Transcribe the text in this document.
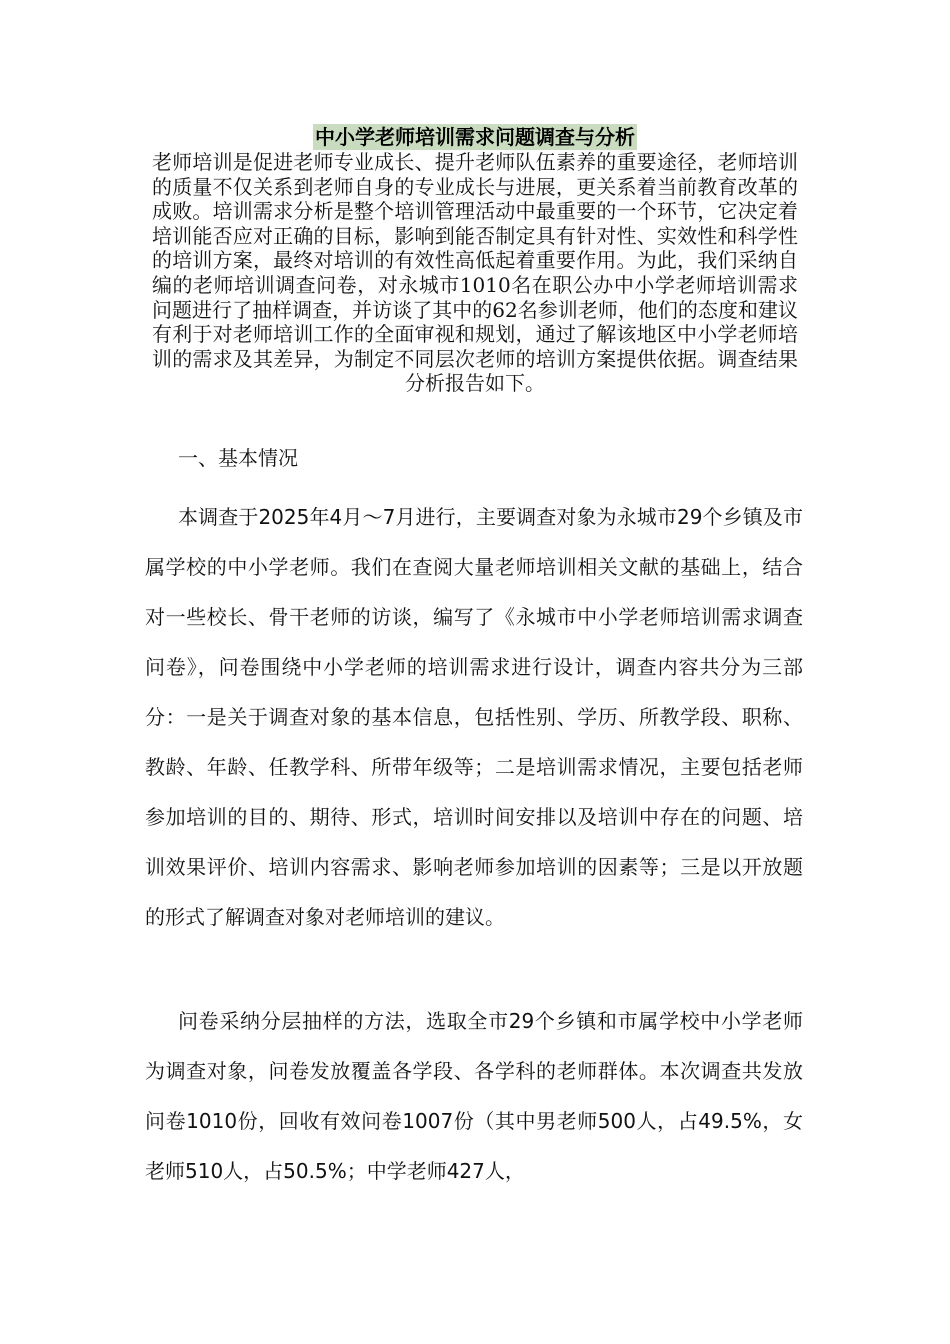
中小学老师培训需求问题调查与分析

老师培训是促进老师专业成长、提升老师队伍素养的重要途径，老师培训的质量不仅关系到老师自身的专业成长与进展，更关系着当前教育改革的成败。培训需求分析是整个培训管理活动中最重要的一个环节，它决定着培训能否应对正确的目标，影响到能否制定具有针对性、实效性和科学性的培训方案，最终对培训的有效性高低起着重要作用。为此，我们采纳自编的老师培训调查问卷，对永城市1010名在职公办中小学老师培训需求问题进行了抽样调查，并访谈了其中的62名参训老师，他们的态度和建议有利于对老师培训工作的全面审视和规划，通过了解该地区中小学老师培训的需求及其差异，为制定不同层次老师的培训方案提供依据。调查结果分析报告如下。

一、基本情况

本调查于2025年4月～7月进行，主要调查对象为永城市29个乡镇及市属学校的中小学老师。我们在查阅大量老师培训相关文献的基础上，结合对一些校长、骨干老师的访谈，编写了《永城市中小学老师培训需求调查问卷》，问卷围绕中小学老师的培训需求进行设计，调查内容共分为三部分：一是关于调查对象的基本信息，包括性别、学历、所教学段、职称、教龄、年龄、任教学科、所带年级等；二是培训需求情况，主要包括老师参加培训的目的、期待、形式，培训时间安排以及培训中存在的问题、培训效果评价、培训内容需求、影响老师参加培训的因素等；三是以开放题的形式了解调查对象对老师培训的建议。

问卷采纳分层抽样的方法，选取全市29个乡镇和市属学校中小学老师为调查对象，问卷发放覆盖各学段、各学科的老师群体。本次调查共发放问卷1010份，回收有效问卷1007份（其中男老师500人，占49.5%，女老师510人，占50.5%；中学老师427人，
